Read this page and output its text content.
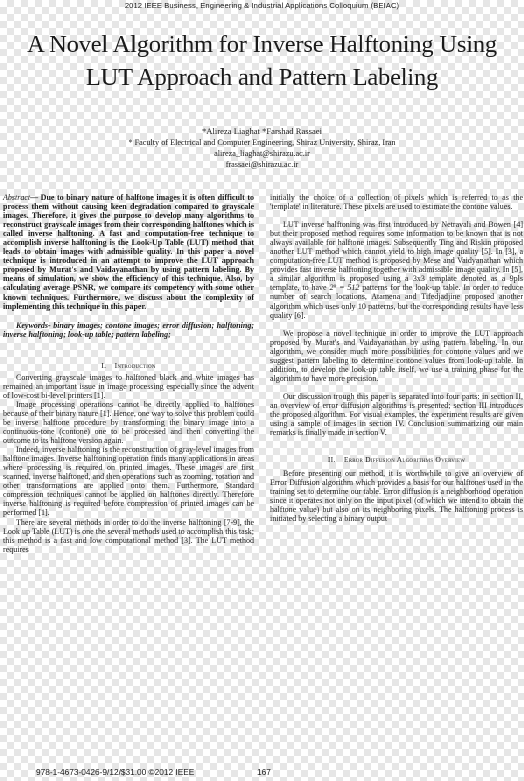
2012 IEEE Business, Engineering & Industrial Applications Colloquium (BEIAC)
A Novel Algorithm for Inverse Halftoning Using
LUT Approach and Pattern Labeling
*Alireza Liaghat *Farshad Rassaei
* Faculty of Electrical and Computer Engineering, Shiraz University, Shiraz, Iran
alireza_liaghat@shirazu.ac.ir
frassaei@shirazu.ac.ir

Abstract— Due to binary nature of halftone images it is often difficult to process them without causing keen degradation compared to grayscale images. Therefore, it gives the purpose to develop many algorithms to reconstruct grayscale images from their corresponding halftones which is called inverse halftoning. A fast and computation-free technique to accomplish inverse halftoning is the Look-Up Table (LUT) method that leads to obtain images with admissible quality. In this paper a novel technique is introduced in an attempt to improve the LUT approach proposed by Murat's and Vaidayanathan by using pattern labeling. By means of simulation, we show the efficiency of this technique. Also, by calculating average PSNR, we compare its competency with some other known techniques. Furthermore, we discuss about the complexity of implementing this technique in this paper.

Keywords- binary images; contone images; error diffusion; halftoning; inverse halftoning; look-up table; pattern labeling;

I. Introduction

Converting grayscale images to halftoned black and white images has remained an important issue in image processing especially since the advent of low-cost bi-level printers [1].

Image processing operations cannot be directly applied to halftones because of their binary nature [1]. Hence, one way to solve this problem could be inverse halftone procedure by transforming the binary image into a continuous-tone (contone) one to be processed and then converting the outcome to its halftone version again.

Indeed, inverse halftoning is the reconstruction of gray-level images from halftone images. Inverse halftoning operation finds many applications in areas where processing is required on printed images. These images are first scanned, inverse halftoned, and then operations such as zooming, rotation and other transformations are applied onto them. Furthermore, Standard compression techniques cannot be applied on halftones directly. Therefore inverse halftoning is required before compression of printed images can be performed [1].

There are several methods in order to do the inverse halftoning [7-9], the Look up Table (LUT) is one the several methods used to accomplish this task; this method is a fast and low computational method [3]. The LUT method requires

initially the choice of a collection of pixels which is referred to as the 'template' in literature. These pixels are used to estimate the contone values.

LUT inverse halftoning was first introduced by Netravali and Bowen [4] but their proposed method requires some information to be known that is not always available for halftone images. Subsequently Ting and Riskin proposed another LUT method which cannot yield to high image quality [5]. In [3], a computation-free LUT method is proposed by Mese and Vaidyanathan which provides fast inverse halftoning together with admissible image quality. In [5], a similar algorithm is proposed using a 3x3 template denoted as a 9pls template, to have 2⁹ = 512 patterns for the look-up table. In order to reduce number of search locations, Atamena and Tifedjadjine proposed another algorithm which uses only 10 patterns, but the corresponding results have less quality [6].

We propose a novel technique in order to improve the LUT approach proposed by Murat's and Vaidayanathan by using pattern labeling. In our algorithm, we consider much more possibilities for contone values and we suggest pattern labeling to determine contone values from look-up table. In addition, to develop the look-up table itself, we use a training phase for the algorithm to have more precision.

Our discussion trough this paper is separated into four parts: in section II, an overview of error diffusion algorithms is presented; section III introduces the proposed algorithm. For visual examples, the experiment results are given using a sample of images in section IV. Conclusion summarizing our main remarks is finally made in section V.

II. Error Diffusion Algorithms Overview

Before presenting our method, it is worthwhile to give an overview of Error Diffusion algorithm which provides a basis for our halftones used in the training set to determine our table. Error diffusion is a neighborhood operation since it operates not only on the input pixel (of which we intend to obtain the halftone value) but also on its neighboring pixels. The halftoning process is initiated by selecting a binary output

978-1-4673-0426-9/12/$31.00 ©2012 IEEE	167
